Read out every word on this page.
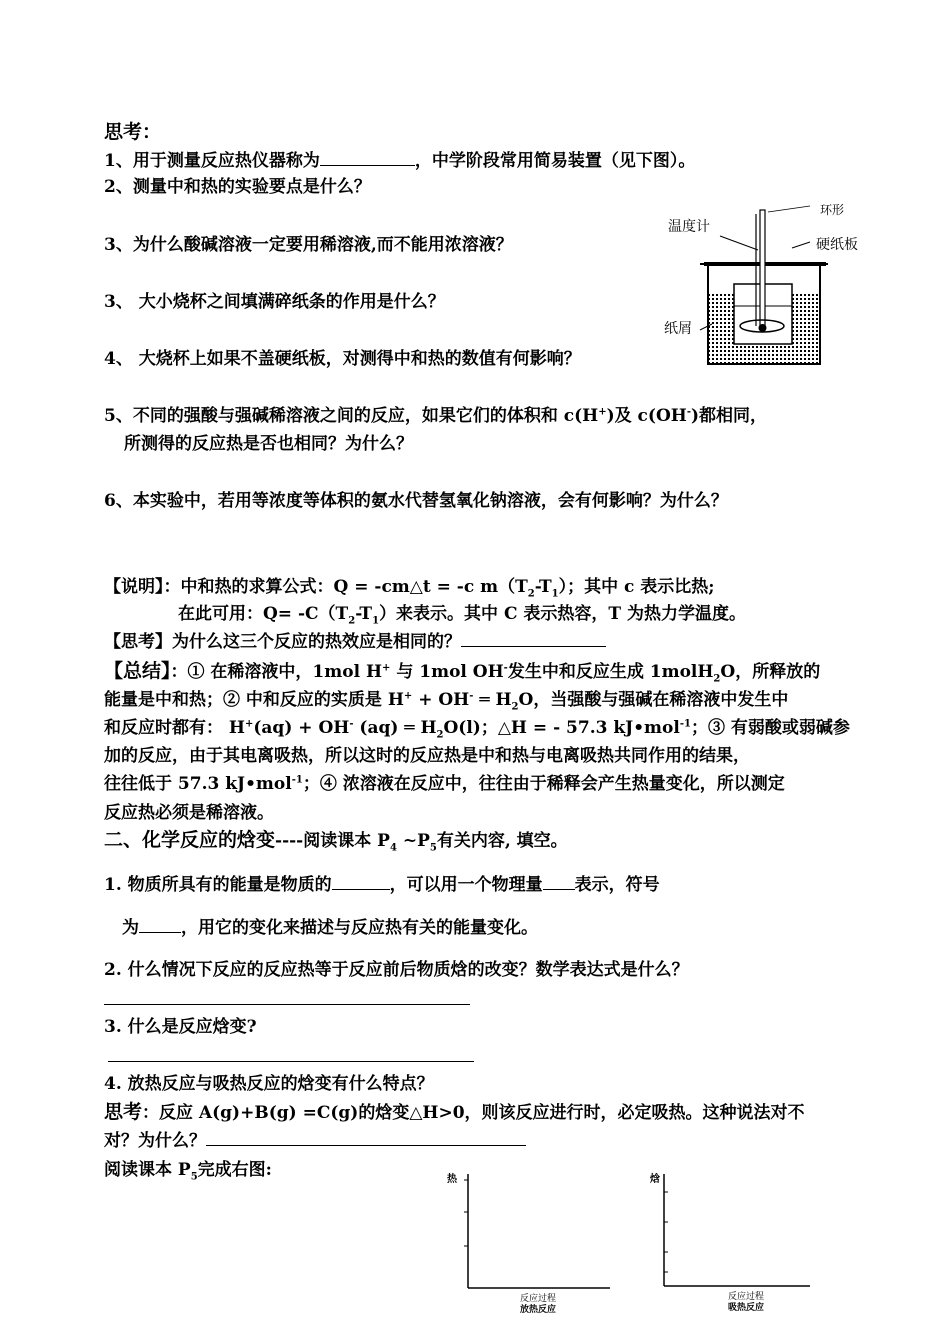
思考：
1、用于测量反应热仪器称为	，中学阶段常用简易装置（见下图）。
2、测量中和热的实验要点是什么？
3、为什么酸碱溶液一定要用稀溶液,而不能用浓溶液？
3、 大小烧杯之间填满碎纸条的作用是什么？
4、 大烧杯上如果不盖硬纸板，对测得中和热的数值有何影响？
5、不同的强酸与强碱稀溶液之间的反应，如果它们的体积和 c(H+)及 c(OH-)都相同，
所测得的反应热是否也相同？为什么？
6、本实验中，若用等浓度等体积的氨水代替氢氧化钠溶液，会有何影响？为什么？
温度计
环形
硬纸板
纸屑
【说明】：中和热的求算公式：Q = -cm△t = -c $m(T_2-T_1)$；其中 c 表示比热;
在此可用：$Q= -C(T_2-T_1)$来表示。其中 C 表示热容，T 为热力学温度。
【思考】为什么这三个反应的热效应是相同的？
【总结】：① 在稀溶液中，1mol H+ 与 1mol OH-发生中和反应生成 1molH$_2$O，所释放的
能量是中和热；② 中和反应的实质是 H+ + OH- ═ $H_2O$，当强酸与强碱在稀溶液中发生中
和反应时都有： H+(aq) + OH- (aq) ═ $H_2O(l)$；△H = - 57.3 kJ•mol$^{-1}$；③ 有弱酸或弱碱参
加的反应，由于其电离吸热，所以这时的反应热是中和热与电离吸热共同作用的结果，
往往低于 57.3 kJ•mol$^{-1}$；④ 浓溶液在反应中，往往由于稀释会产生热量变化，所以测定
反应热必须是稀溶液。
二、化学反应的焓变----阅读课本 $P_4$ $\sim P_5$有关内容, 填空。
1. 物质所具有的能量是物质的	，可以用一个物理量 表示，符号
为 ，用它的变化来描述与反应热有关的能量变化。
2. 什么情况下反应的反应热等于反应前后物质焓的改变？数学表达式是什么？
3. 什么是反应焓变?
4. 放热反应与吸热反应的焓变有什么特点？
思考：反应 A(g)+B(g) =C(g)的焓变△H>0，则该反应进行时，必定吸热。这种说法对不
对？为什么？
阅读课本 $P_5$完成右图:	热
反应过程
放热反应
焓
反应过程
吸热反应
